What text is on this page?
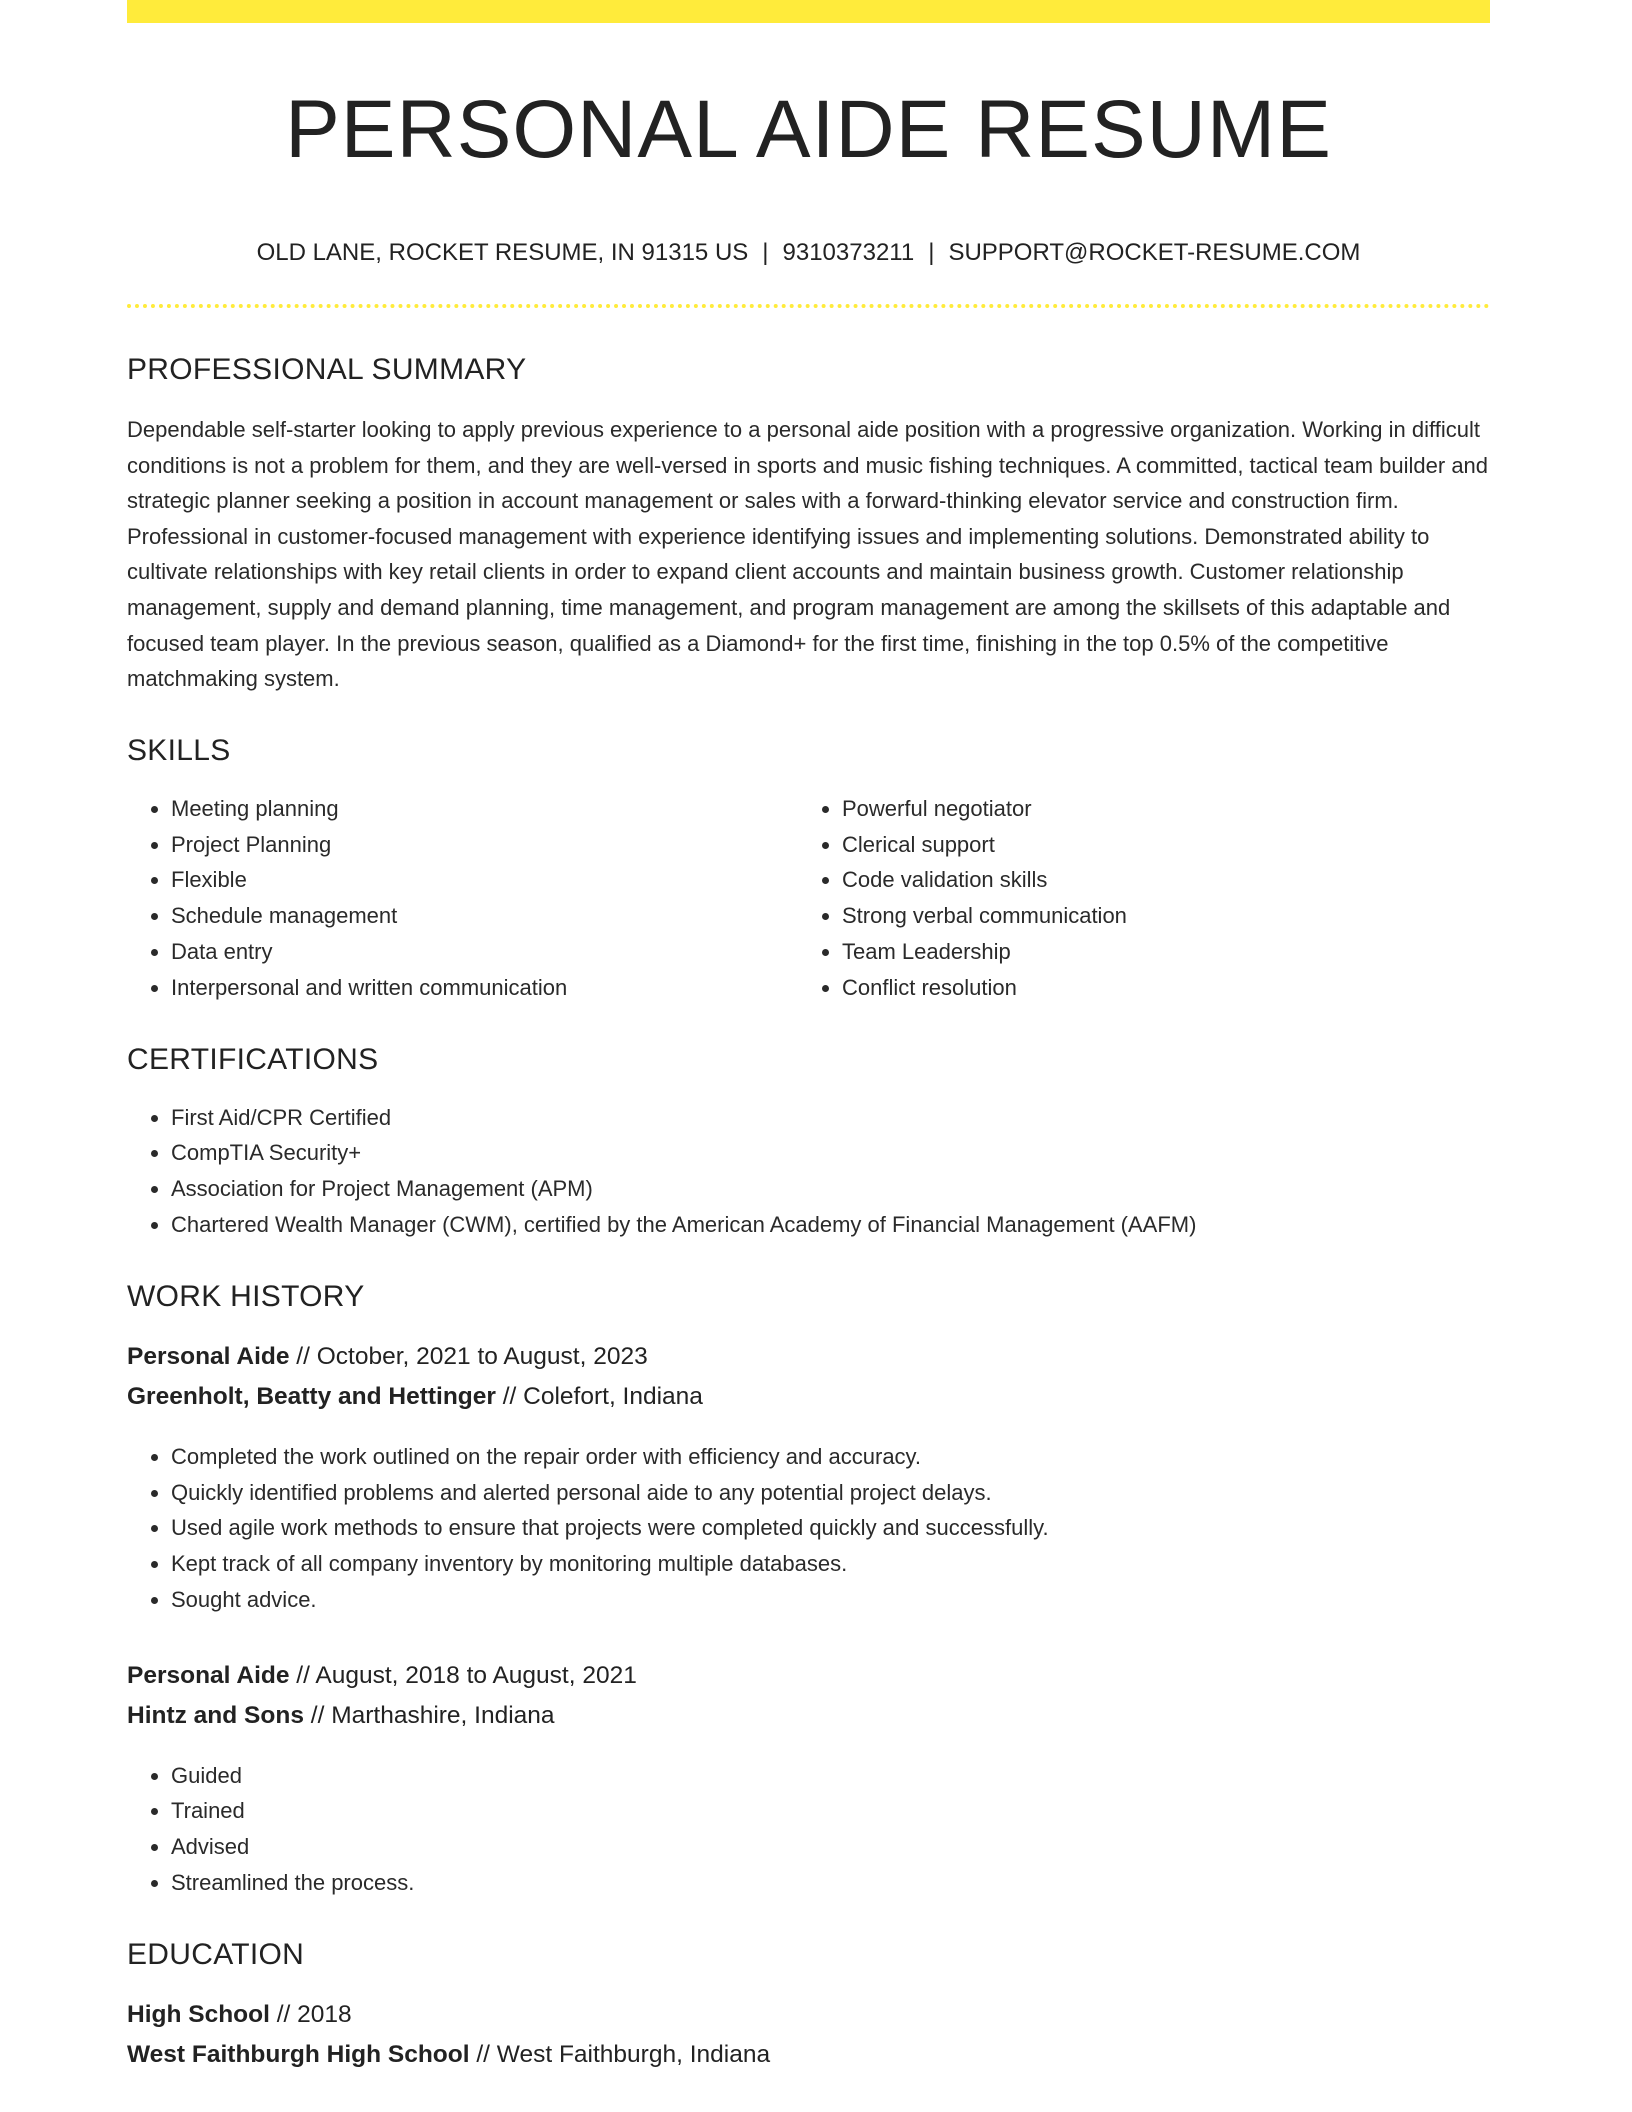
PERSONAL AIDE RESUME
OLD LANE, ROCKET RESUME, IN 91315 US | 9310373211 | SUPPORT@ROCKET-RESUME.COM
PROFESSIONAL SUMMARY

Dependable self-starter looking to apply previous experience to a personal aide position with a progressive organization. Working in difficult conditions is not a problem for them, and they are well-versed in sports and music fishing techniques. A committed, tactical team builder and strategic planner seeking a position in account management or sales with a forward-thinking elevator service and construction firm. Professional in customer-focused management with experience identifying issues and implementing solutions. Demonstrated ability to cultivate relationships with key retail clients in order to expand client accounts and maintain business growth. Customer relationship management, supply and demand planning, time management, and program management are among the skillsets of this adaptable and focused team player. In the previous season, qualified as a Diamond+ for the first time, finishing in the top 0.5% of the competitive matchmaking system.

SKILLS
• Meeting planning
• Project Planning
• Flexible
• Schedule management
• Data entry
• Interpersonal and written communication
• Powerful negotiator
• Clerical support
• Code validation skills
• Strong verbal communication
• Team Leadership
• Conflict resolution
CERTIFICATIONS
• First Aid/CPR Certified
• CompTIA Security+
• Association for Project Management (APM)
• Chartered Wealth Manager (CWM), certified by the American Academy of Financial Management (AAFM)
WORK HISTORY
Personal Aide // October, 2021 to August, 2023
Greenholt, Beatty and Hettinger // Colefort, Indiana
• Completed the work outlined on the repair order with efficiency and accuracy.
• Quickly identified problems and alerted personal aide to any potential project delays.
• Used agile work methods to ensure that projects were completed quickly and successfully.
• Kept track of all company inventory by monitoring multiple databases.
• Sought advice.
Personal Aide // August, 2018 to August, 2021
Hintz and Sons // Marthashire, Indiana
• Guided
• Trained
• Advised
• Streamlined the process.
EDUCATION
High School // 2018
West Faithburgh High School // West Faithburgh, Indiana
